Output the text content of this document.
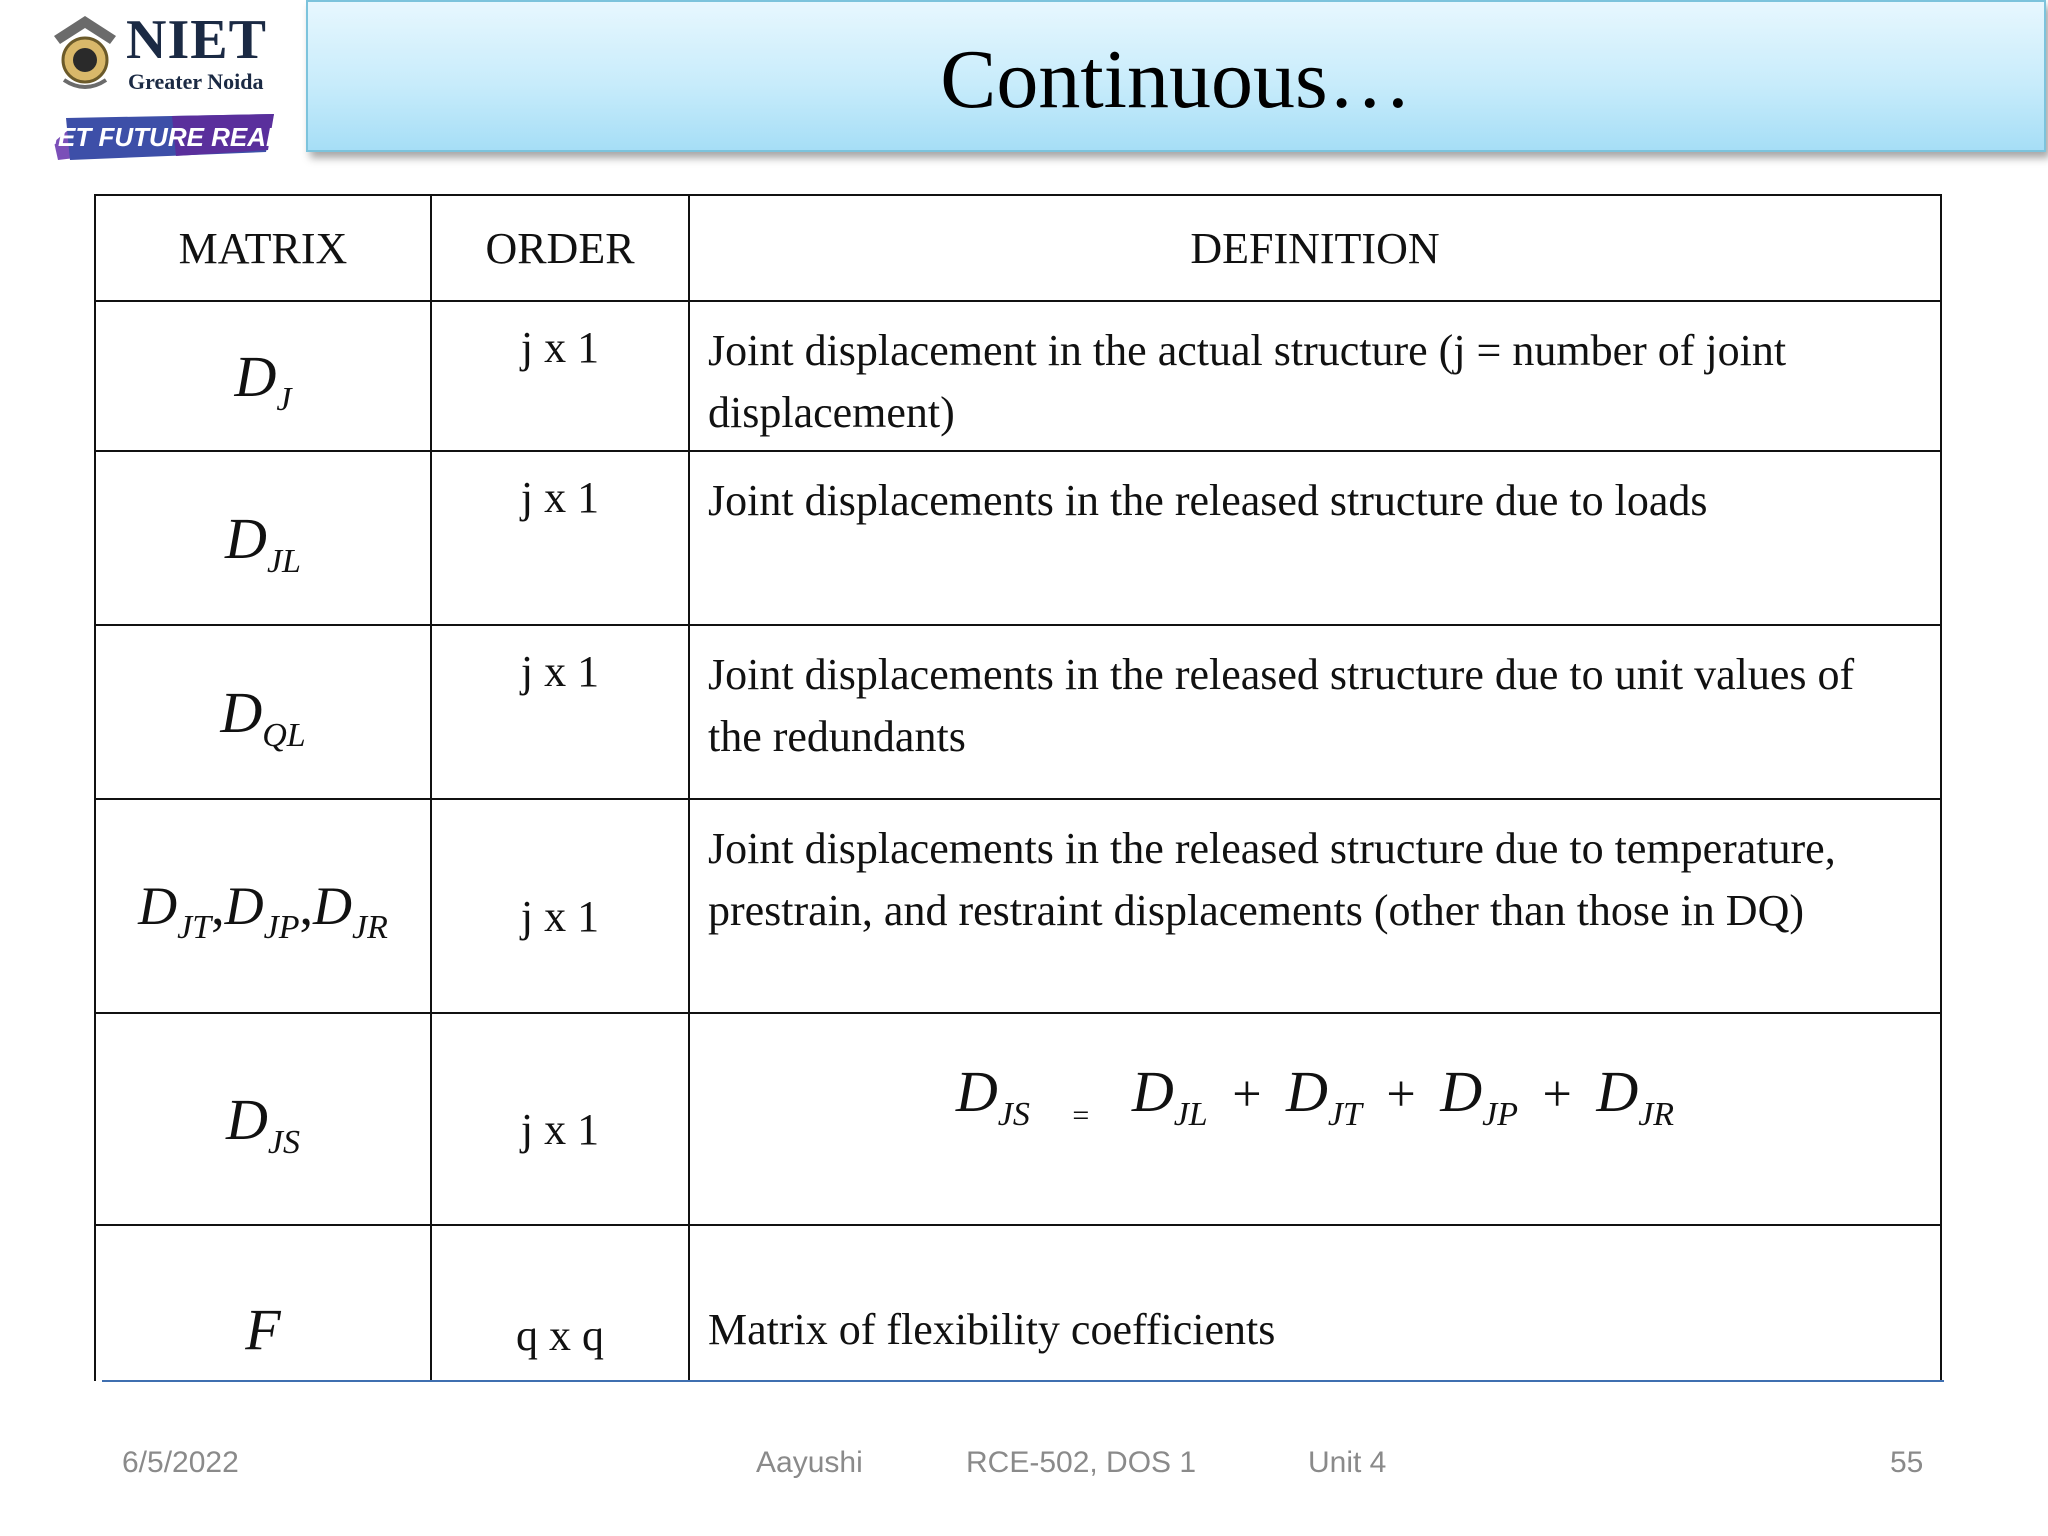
NIET
Greater Noida
GET FUTURE READY
Continuous…
MATRIX	ORDER	DEFINITION
$D_J$	j x 1	Joint displacement in the actual structure (j = number of joint displacement)
$D_{JL}$	j x 1	Joint displacements in the released structure due to loads
$D_{QL}$	j x 1	Joint displacements in the released structure due to unit values of the redundants
$D_{JT},D_{JP},D_{JR}$	j x 1	Joint displacements in the released structure due to temperature, prestrain, and restraint displacements (other than those in DQ)
$D_{JS}$	j x 1	$D_{JS}$ $_=$ $D_{JL} + D_{JT} + D_{JP} + D_{JR}$

F	q x q	Matrix of flexibility coefficients
6/5/2022	Aayushi	RCE-502, DOS 1	Unit 4	55
